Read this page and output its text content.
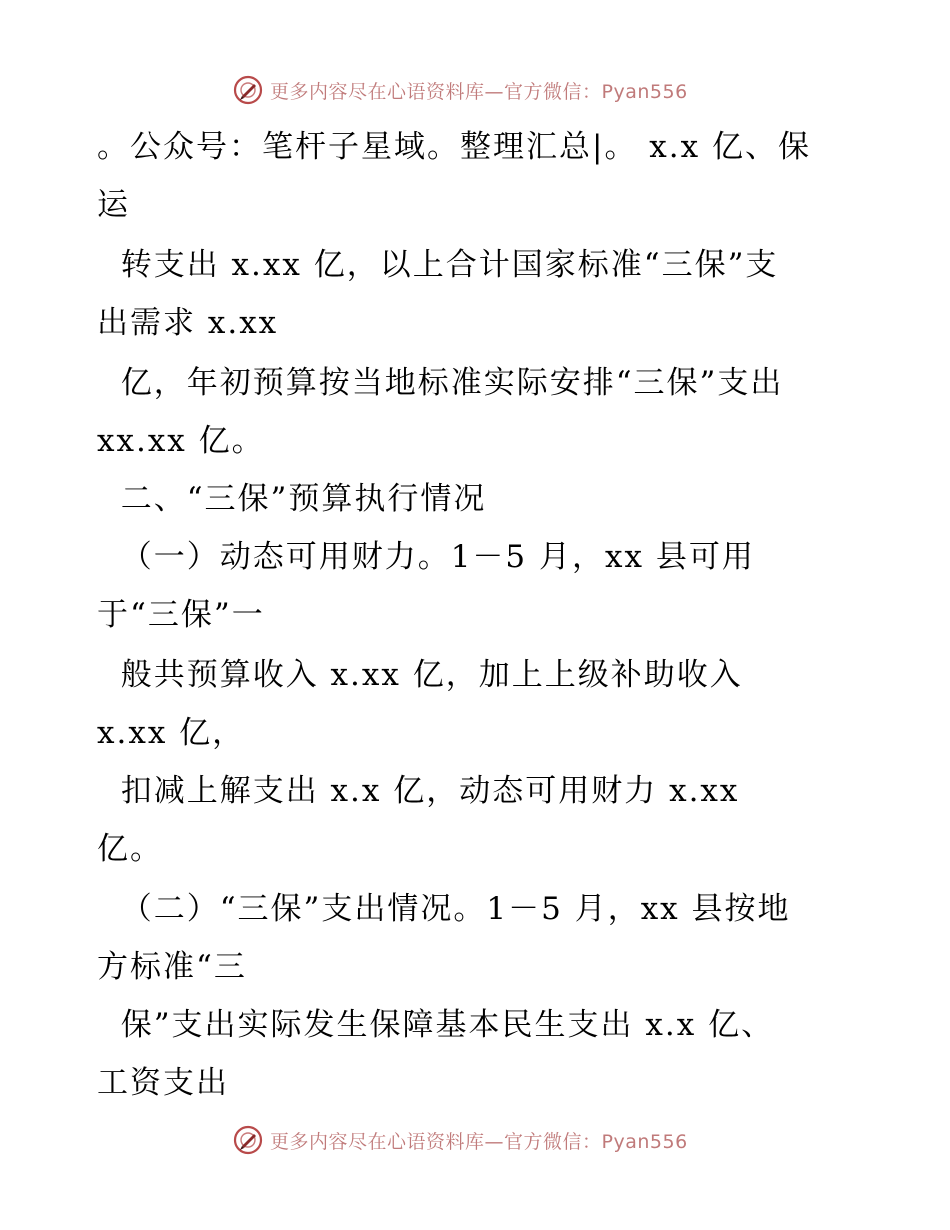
更多内容尽在心语资料库—官方微信：Pyan556
。公众号：笔杆子星域。整理汇总|。 x.x 亿、保
运
转支出 x.xx 亿，以上合计国家标准“三保”支
出需求 x.xx
亿，年初预算按当地标准实际安排“三保”支出
xx.xx 亿。
二、“三保”预算执行情况
（一）动态可用财力。1－5 月，xx 县可用
于“三保”一
般共预算收入 x.xx 亿，加上上级补助收入
x.xx 亿，
扣减上解支出 x.x 亿，动态可用财力 x.xx
亿。
（二）“三保”支出情况。1－5 月，xx 县按地
方标准“三
保”支出实际发生保障基本民生支出 x.x 亿、
工资支出
更多内容尽在心语资料库—官方微信：Pyan556
